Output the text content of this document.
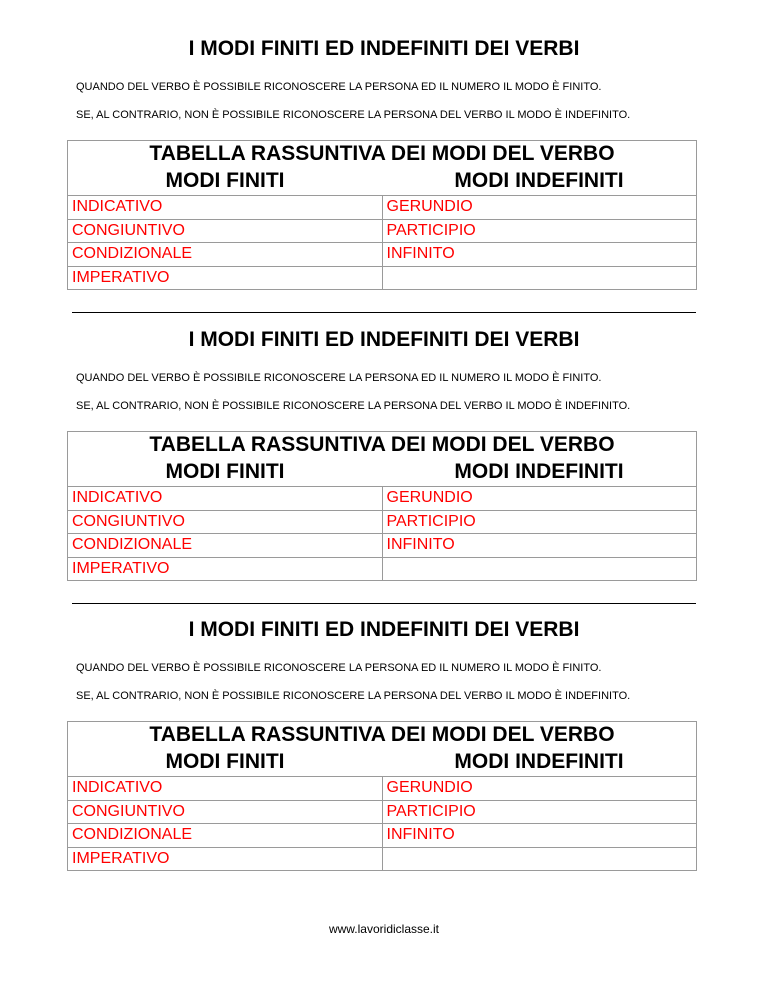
I MODI FINITI ED INDEFINITI DEI VERBI
QUANDO DEL VERBO È POSSIBILE RICONOSCERE LA PERSONA ED IL NUMERO IL MODO È FINITO.
SE, AL CONTRARIO, NON È POSSIBILE RICONOSCERE LA PERSONA DEL VERBO IL MODO È INDEFINITO.
TABELLA RASSUNTIVA DEI MODI DEL VERBO	
MODI FINITI	MODI INDEFINITI
INDICATIVO	GERUNDIO
CONGIUNTIVO	PARTICIPIO
CONDIZIONALE	INFINITO
IMPERATIVO	
I MODI FINITI ED INDEFINITI DEI VERBI
QUANDO DEL VERBO È POSSIBILE RICONOSCERE LA PERSONA ED IL NUMERO IL MODO È FINITO.
SE, AL CONTRARIO, NON È POSSIBILE RICONOSCERE LA PERSONA DEL VERBO IL MODO È INDEFINITO.
TABELLA RASSUNTIVA DEI MODI DEL VERBO	
MODI FINITI	MODI INDEFINITI
INDICATIVO	GERUNDIO
CONGIUNTIVO	PARTICIPIO
CONDIZIONALE	INFINITO
IMPERATIVO	
I MODI FINITI ED INDEFINITI DEI VERBI
QUANDO DEL VERBO È POSSIBILE RICONOSCERE LA PERSONA ED IL NUMERO IL MODO È FINITO.
SE, AL CONTRARIO, NON È POSSIBILE RICONOSCERE LA PERSONA DEL VERBO IL MODO È INDEFINITO.
TABELLA RASSUNTIVA DEI MODI DEL VERBO	
MODI FINITI	MODI INDEFINITI
INDICATIVO	GERUNDIO
CONGIUNTIVO	PARTICIPIO
CONDIZIONALE	INFINITO
IMPERATIVO	
www.lavoridiclasse.it
